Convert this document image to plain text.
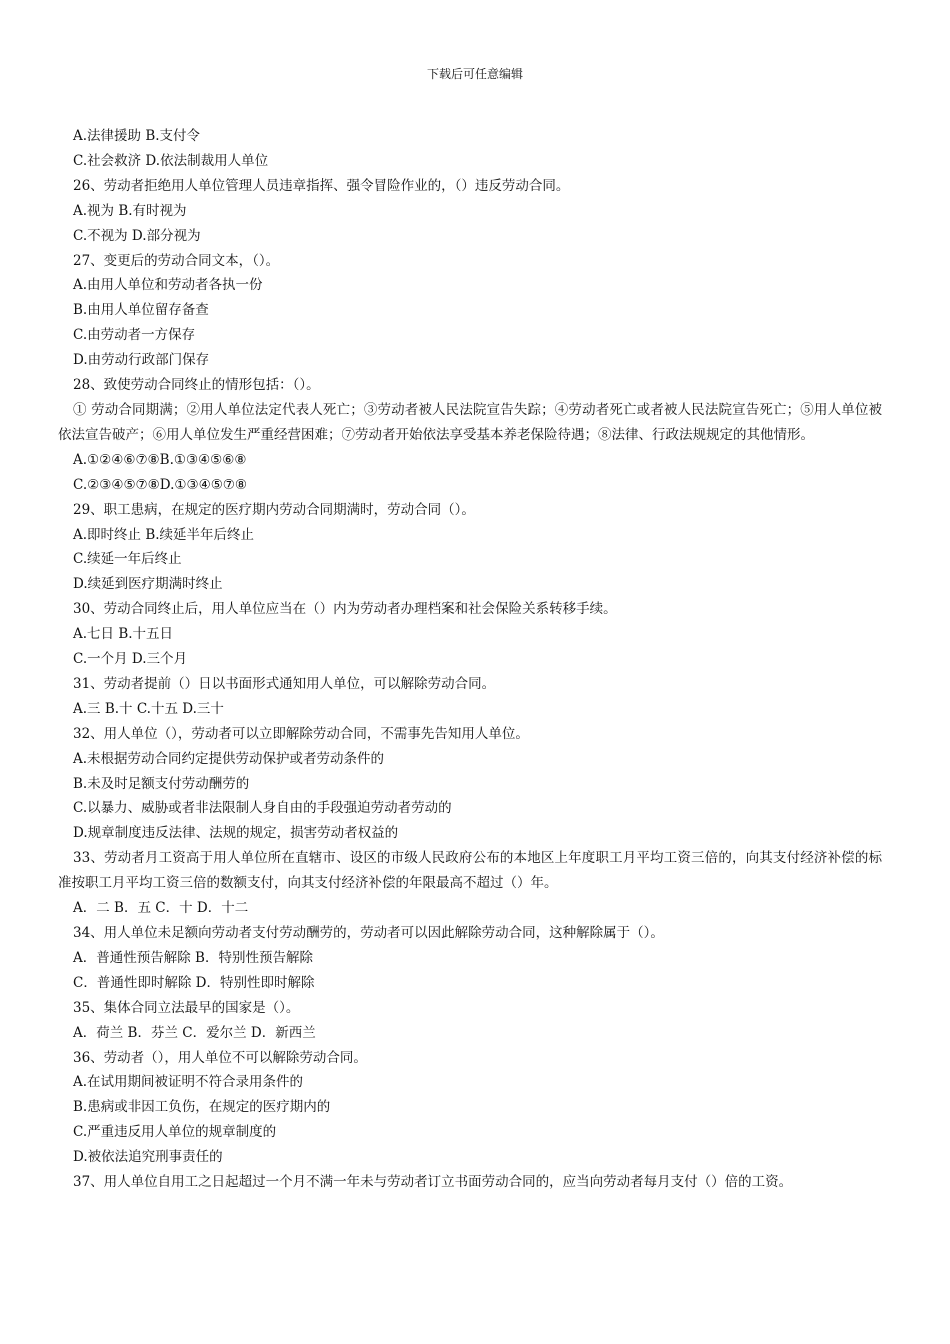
下载后可任意编辑
A.法律援助 B.支付令
C.社会救济 D.依法制裁用人单位
26、劳动者拒绝用人单位管理人员违章指挥、强令冒险作业的，（）违反劳动合同。
A.视为 B.有时视为
C.不视为 D.部分视为
27、变更后的劳动合同文本，（）。
A.由用人单位和劳动者各执一份
B.由用人单位留存备查
C.由劳动者一方保存
D.由劳动行政部门保存
28、致使劳动合同终止的情形包括：（）。
① 劳动合同期满；②用人单位法定代表人死亡；③劳动者被人民法院宣告失踪；④劳动者死亡或者被人民法院宣告死亡；⑤用人单位被依法宣告破产；⑥用人单位发生严重经营困难；⑦劳动者开始依法享受基本养老保险待遇；⑧法律、行政法规规定的其他情形。
A.①②④⑥⑦⑧B.①③④⑤⑥⑧
C.②③④⑤⑦⑧D.①③④⑤⑦⑧
29、职工患病，在规定的医疗期内劳动合同期满时，劳动合同（）。
A.即时终止 B.续延半年后终止
C.续延一年后终止
D.续延到医疗期满时终止
30、劳动合同终止后，用人单位应当在（）内为劳动者办理档案和社会保险关系转移手续。
A.七日 B.十五日
C.一个月 D.三个月
31、劳动者提前（）日以书面形式通知用人单位，可以解除劳动合同。
A.三 B.十 C.十五 D.三十
32、用人单位（），劳动者可以立即解除劳动合同，不需事先告知用人单位。
A.未根据劳动合同约定提供劳动保护或者劳动条件的
B.未及时足额支付劳动酬劳的
C.以暴力、威胁或者非法限制人身自由的手段强迫劳动者劳动的
D.规章制度违反法律、法规的规定，损害劳动者权益的
33、劳动者月工资高于用人单位所在直辖市、设区的市级人民政府公布的本地区上年度职工月平均工资三倍的，向其支付经济补偿的标准按职工月平均工资三倍的数额支付，向其支付经济补偿的年限最高不超过（）年。
A．二 B．五 C．十 D．十二
34、用人单位未足额向劳动者支付劳动酬劳的，劳动者可以因此解除劳动合同，这种解除属于（）。
A．普通性预告解除 B．特别性预告解除
C．普通性即时解除 D．特别性即时解除
35、集体合同立法最早的国家是（）。
A．荷兰 B．芬兰 C．爱尔兰 D．新西兰
36、劳动者（），用人单位不可以解除劳动合同。
A.在试用期间被证明不符合录用条件的
B.患病或非因工负伤，在规定的医疗期内的
C.严重违反用人单位的规章制度的
D.被依法追究刑事责任的
37、用人单位自用工之日起超过一个月不满一年未与劳动者订立书面劳动合同的，应当向劳动者每月支付（）倍的工资。
